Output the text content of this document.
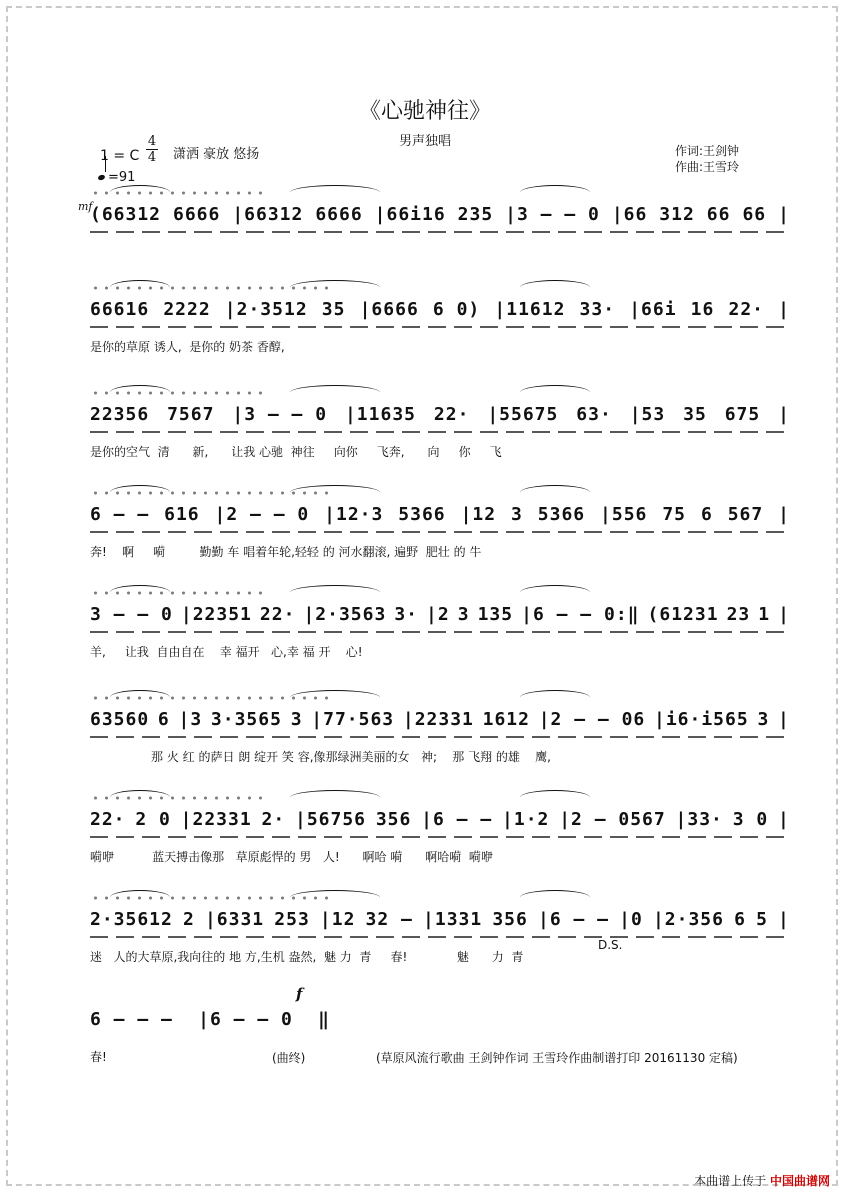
《心驰神往》
男声独唱
1 = C
4
4 潇洒 豪放 悠扬	作词:王剑钟
作曲:王雪玲
=91
mf
(66312 6666 |66312 6666 |66i16 235 |3 – – 0 |66 312 66 66 |
66616 2222 |2·3512 35 |6666 6 0) |11612 33· |66i 16 22· |
是你的草原 诱人,  是你的 奶茶 香醇,
22356 7567 |3 – – 0 |11635 22· |55675 63· |53 35 675 |
是你的空气  清      新,      让我 心驰  神往     向你     飞奔,      向     你     飞
6 – – 616 |2 – – 0 |12·3 5366 |12 3 5366 |556 75 6 567 |
奔!    啊     嗬         勤勤 车 唱着年轮,轻轻 的 河水翻滚, 遍野  肥壮 的 牛
3 – – 0 |22351 22· |2·3563 3· |2 3 135 |6 – – 0:‖ (61231 23 1 |
羊,     让我  自由自在    幸 福开   心,幸 福 开    心!
63560 6 |3 3·3565 3 |77·563 |22331 1612 |2 – – 06 |i6·i565 3 |
那 火 红 的萨日 朗 绽开 笑 容,像那绿洲美丽的女   神;    那 飞翔 的雄    鹰,
22· 2 0 |22331 2· |56756 356 |6 – – |1·2 |2 – 0567 |33· 3 0 |
嗬咿          蓝天搏击像那   草原彪悍的 男   人!      啊哈 嗬      啊哈嗬  嗬咿
2·35612 2 |6331 253 |12 32 – |1331 356 |6 – – |0 |2·356 6 5 |
迷   人的大草原,我向往的 地 方,生机 盎然,  魅 力  青     春!             魅      力  青
6 – – – |6 – – 0 ‖
春!
D.S.
f
(曲终)	(草原风流行歌曲 王剑钟作词 王雪玲作曲制谱打印 20161130 定稿)
本曲谱上传于 中国曲谱网
